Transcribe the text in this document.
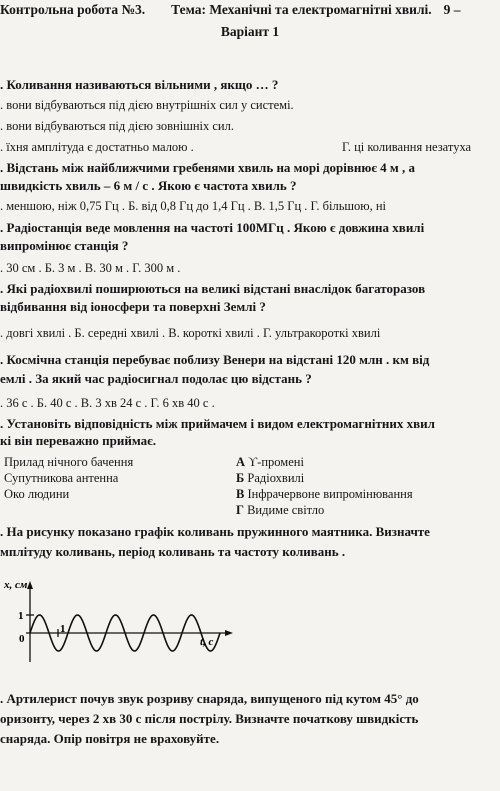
Контрольна робота №3. Тема: Механічні та електромагнітні хвилі. 9 –
Варіант 1
. Коливання називаються вільними , якщо … ?
. вони відбуваються під дією внутрішніх сил у системі.
. вони відбуваються під дією зовнішніх сил.
. їхня амплітуда є достатньо малою .	Г. ці коливання незатуха
. Відстань між найближчими гребенями хвиль на морі дорівнює 4 м , а
швидкість хвиль – 6 м / с . Якою є частота хвиль ?
. меншою, ніж 0,75 Гц . Б. від 0,8 Гц до 1,4 Гц . В. 1,5 Гц . Г. більшою, ні
. Радіостанція веде мовлення на частоті 100МГц . Якою є довжина хвилі
випромінює станція ?
. 30 см . Б. 3 м . В. 30 м . Г. 300 м .
. Які радіохвилі поширюються на великі відстані внаслідок багаторазов
відбивання від іоносфери та поверхні Землі ?
. довгі хвилі . Б. середні хвилі . В. короткі хвилі . Г. ультракороткі хвилі
. Космічна станція перебуває поблизу Венери на відстані 120 млн . км від
емлі . За який час радіосигнал подолає цю відстань ?
. 36 с . Б. 40 с . В. 3 хв 24 с . Г. 6 хв 40 с .
. Установіть відповідність між приймачем і видом електромагнітних хвил
кі він переважно приймає.
Прилад нічного бачення
Супутникова антенна
Око людини
А ϒ-промені
Б Радіохвилі
В Інфрачервоне випромінювання
Г Видиме світло
. На рисунку показано графік коливань пружинного маятника. Визначте
мплітуду коливань, період коливань та частоту коливань .
x, см
1
0
1
t, c
. Артилерист почув звук розриву снаряда, випущеного під кутом 45° до
оризонту, через 2 хв 30 с після пострілу. Визначте початкову швидкість
снаряда. Опір повітря не враховуйте.
